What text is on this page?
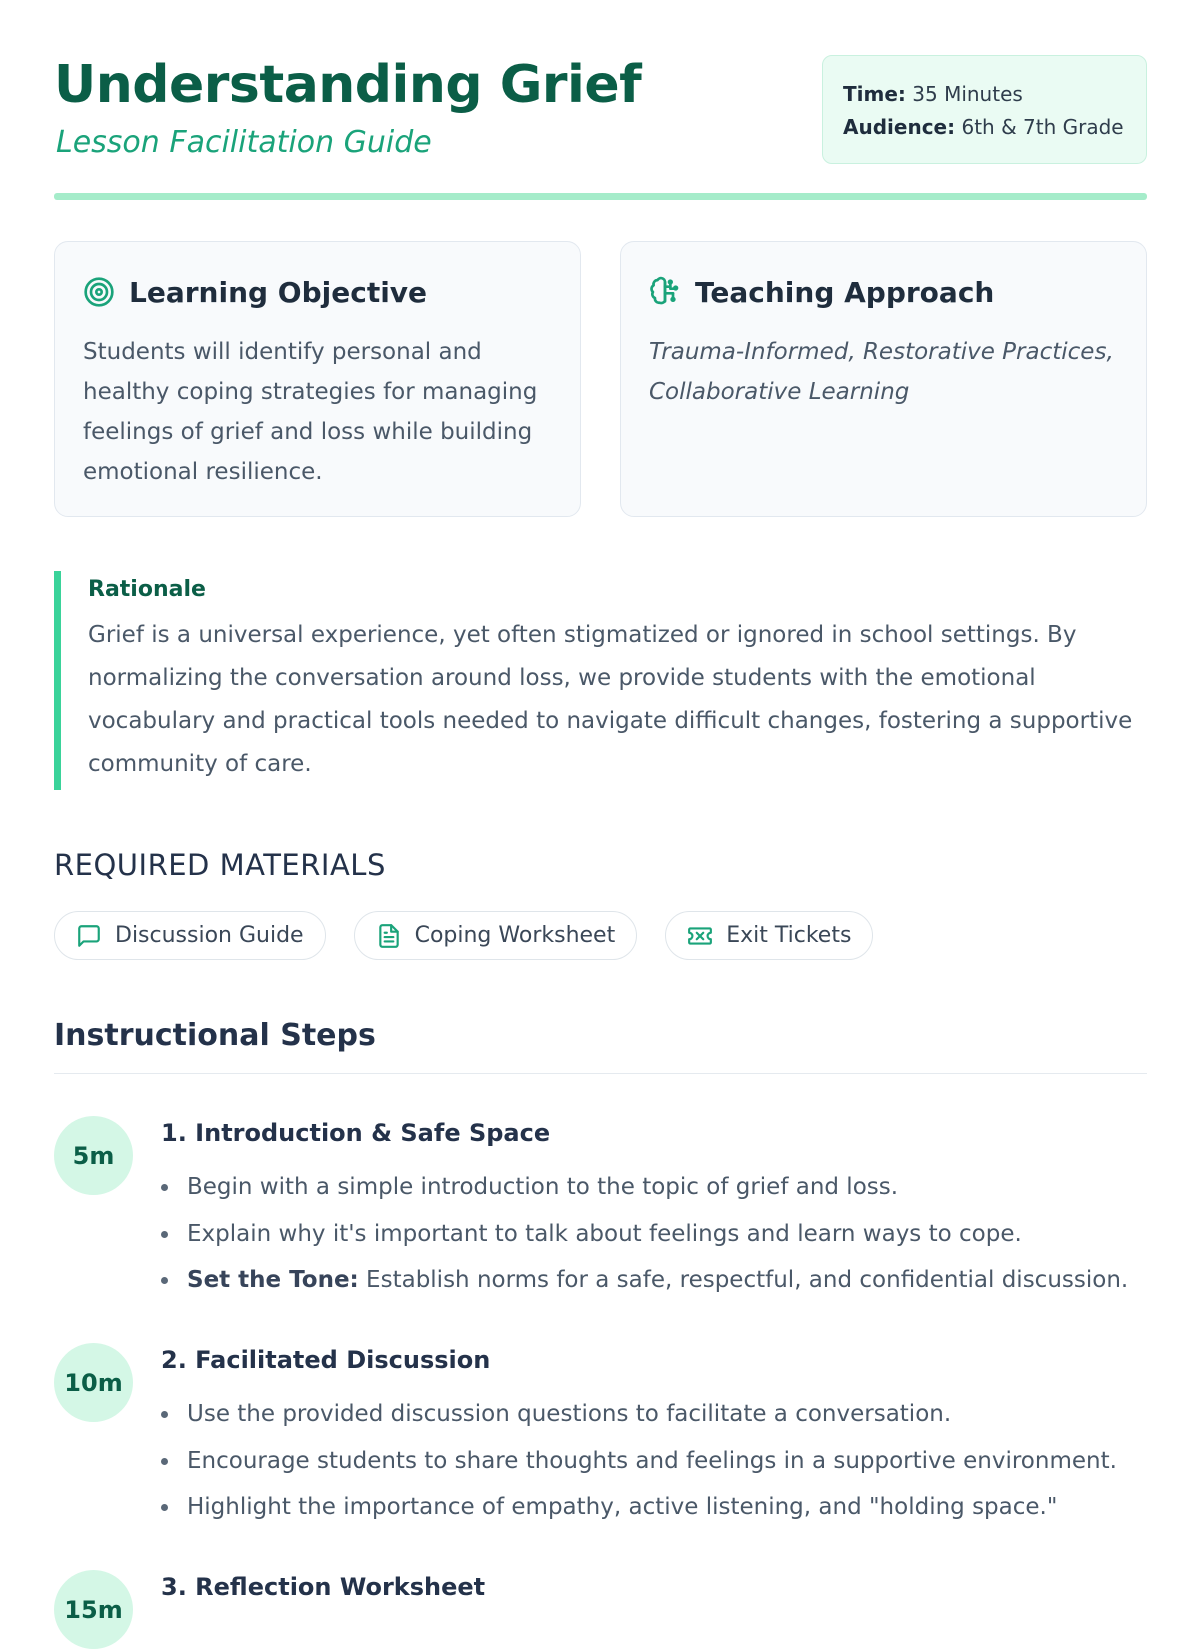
Understanding Grief
Lesson Facilitation Guide
Time: 35 Minutes
Audience: 6th & 7th Grade
Learning Objective
Students will identify personal and healthy coping strategies for managing feelings of grief and loss while building emotional resilience.
Teaching Approach
Trauma-Informed, Restorative Practices, Collaborative Learning
Rationale
Grief is a universal experience, yet often stigmatized or ignored in school settings. By normalizing the conversation around loss, we provide students with the emotional vocabulary and practical tools needed to navigate difficult changes, fostering a supportive community of care.
REQUIRED MATERIALS
Discussion Guide	Coping Worksheet	Exit Tickets
Instructional Steps
5m
1. Introduction & Safe Space
Begin with a simple introduction to the topic of grief and loss.
Explain why it's important to talk about feelings and learn ways to cope.
Set the Tone: Establish norms for a safe, respectful, and confidential discussion.
10m
2. Facilitated Discussion
Use the provided discussion questions to facilitate a conversation.
Encourage students to share thoughts and feelings in a supportive environment.
Highlight the importance of empathy, active listening, and "holding space."
15m
3. Reflection Worksheet
